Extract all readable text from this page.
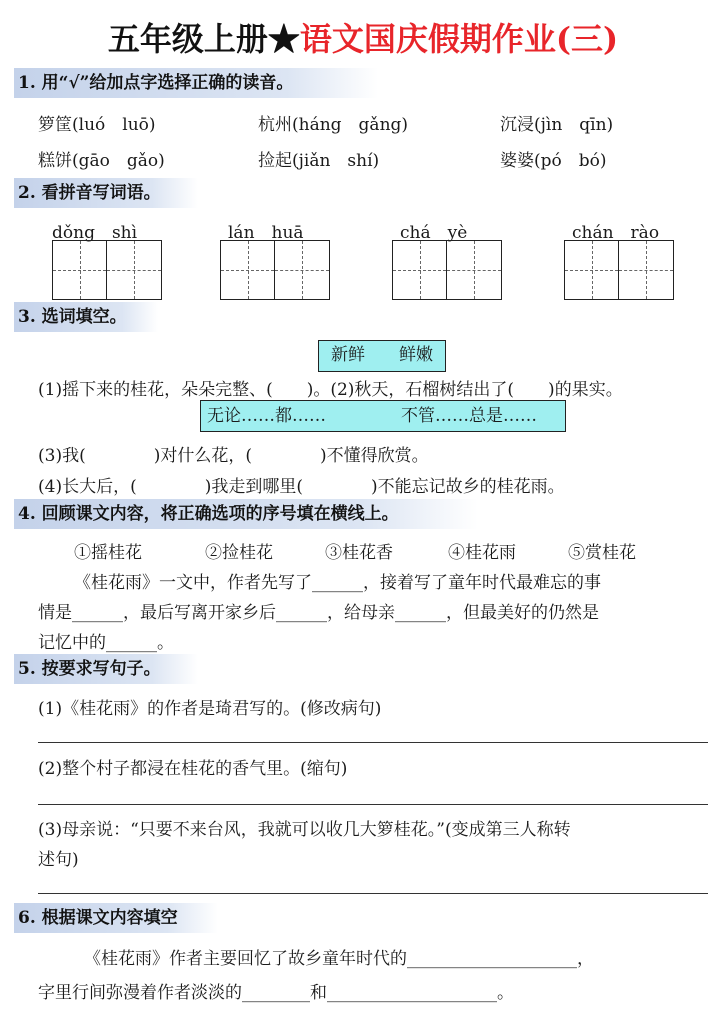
五年级上册★语文国庆假期作业(三)
1. 用“√”给加点字选择正确的读音。
箩筐(luó　luō)	杭州(háng　gǎng)	沉浸(jìn　qīn)
糕饼(gāo　gǎo)	捡起(jiǎn　shí)	婆婆(pó　bó)
2. 看拼音写词语。
dǒng　shì	lán　huā	chá　yè	chán　rào
3. 选词填空。
新鲜　　鲜嫩
(1)摇下来的桂花，朵朵完整、(　　)。(2)秋天，石榴树结出了(　　)的果实。
无论……都……	不管……总是……
(3)我(　　　　)对什么花，(　　　　)不懂得欣赏。
(4)长大后，(　　　　)我走到哪里(　　　　)不能忘记故乡的桂花雨。
4. 回顾课文内容，将正确选项的序号填在横线上。
①摇桂花	②捡桂花	③桂花香	④桂花雨	⑤赏桂花
《桂花雨》一文中，作者先写了______，接着写了童年时代最难忘的事
情是______，最后写离开家乡后______，给母亲______，但最美好的仍然是
记忆中的______。
5. 按要求写句子。
(1)《桂花雨》的作者是琦君写的。(修改病句)
(2)整个村子都浸在桂花的香气里。(缩句)
(3)母亲说：“只要不来台风，我就可以收几大箩桂花。”(变成第三人称转
述句)
6. 根据课文内容填空
《桂花雨》作者主要回忆了故乡童年时代的____________________，
字里行间弥漫着作者淡淡的________和____________________。
